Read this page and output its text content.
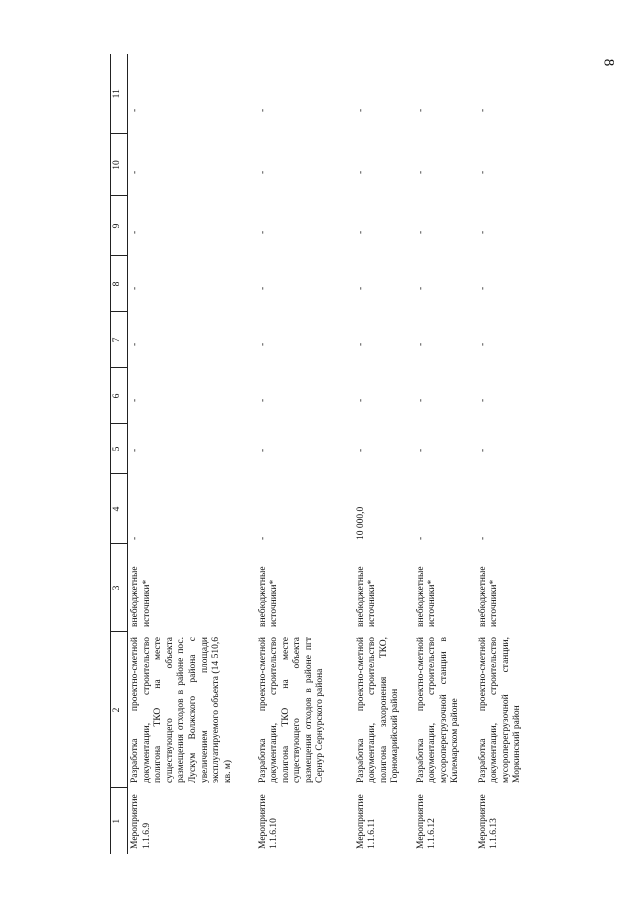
8
1	2	3	4	5	6	7	8	9	10	11
Мероприятие 1.1.6.9	Разработка проектно-сметной документации, строительство полигона ТКО на месте существующего объекта размещения отходов в районе пос. Лускум Волжского района с увеличением площади эксплуатируемого объекта (14 510,6 кв. м)	внебюджетные источники*	-	-	-	-	-	-	-	-
Мероприятие 1.1.6.10	Разработка проектно-сметной документации, строительство полигона ТКО на месте существующего объекта размещения отходов в районе пгт Сернур Сернурского района	внебюджетные источники*	-	-	-	-	-	-	-	-
Мероприятие 1.1.6.11	Разработка проектно-сметной документации, строительство полигона захоронения ТКО, Горномарийский район	внебюджетные источники*	10 000,0	-	-	-	-	-	-	-
Мероприятие 1.1.6.12	Разработка проектно-сметной документации, строительство мусороперегрузочной станции в Килемарском районе	внебюджетные источники*	-	-	-	-	-	-	-	-
Мероприятие 1.1.6.13	Разработка проектно-сметной документации, строительство мусороперегрузочной станции, Моркинский район	внебюджетные источники*	-	-	-	-	-	-	-	-
